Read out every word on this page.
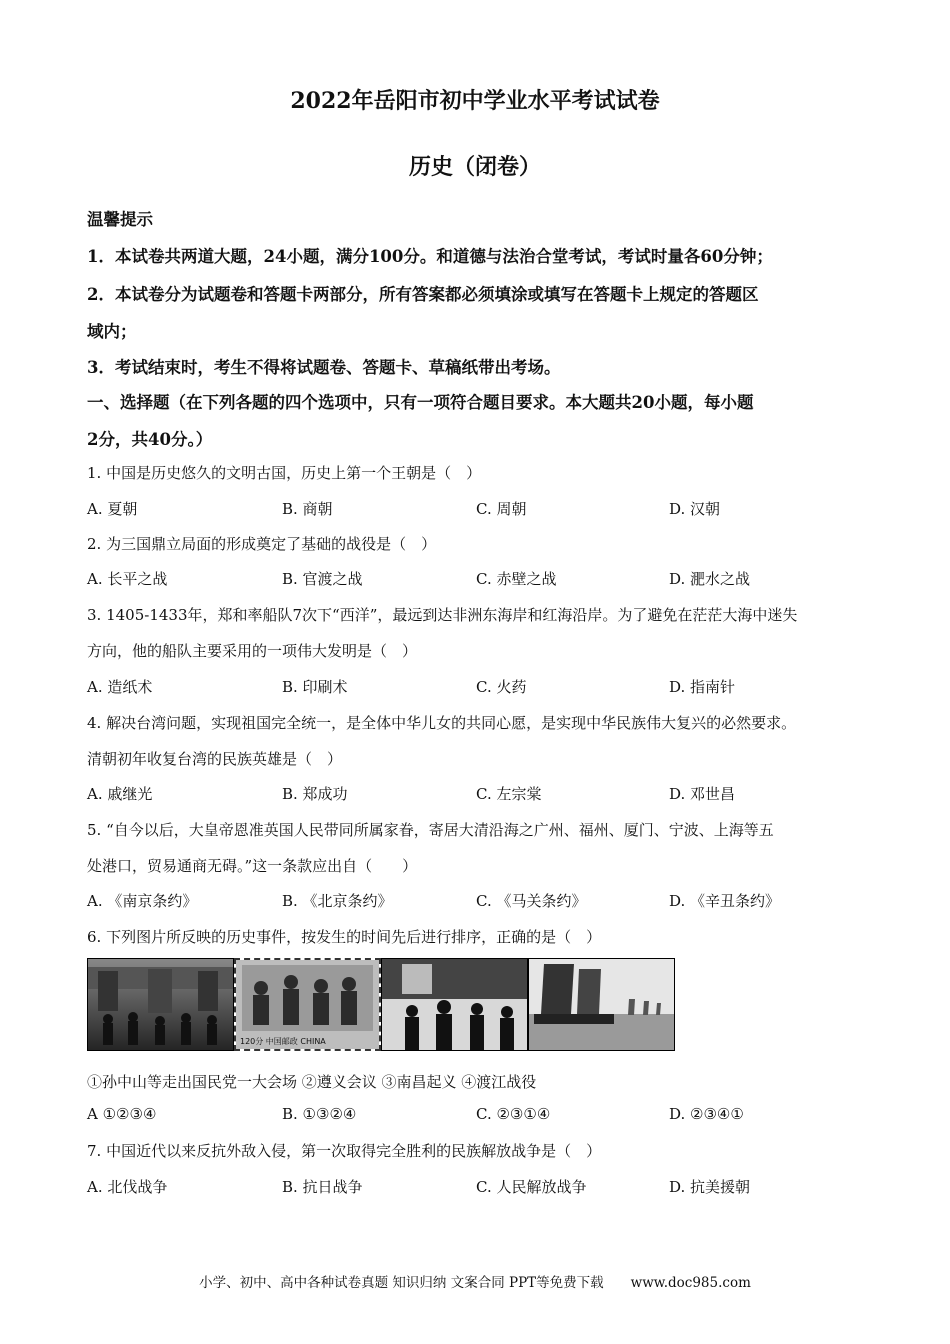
2022年岳阳市初中学业水平考试试卷
历史（闭卷）
温馨提示
1．本试卷共两道大题，24小题，满分100分。和道德与法治合堂考试，考试时量各60分钟；
2．本试卷分为试题卷和答题卡两部分，所有答案都必须填涂或填写在答题卡上规定的答题区
域内；
3．考试结束时，考生不得将试题卷、答题卡、草稿纸带出考场。
一、选择题（在下列各题的四个选项中，只有一项符合题目要求。本大题共20小题，每小题
2分，共40分。）
1. 中国是历史悠久的文明古国，历史上第一个王朝是（　）
A. 夏朝	B. 商朝	C. 周朝	D. 汉朝
2. 为三国鼎立局面的形成奠定了基础的战役是（　）
A. 长平之战	B. 官渡之战	C. 赤壁之战	D. 淝水之战
3. 1405-1433年，郑和率船队7次下“西洋”，最远到达非洲东海岸和红海沿岸。为了避免在茫茫大海中迷失
方向，他的船队主要采用的一项伟大发明是（　）
A. 造纸术	B. 印刷术	C. 火药	D. 指南针
4. 解决台湾问题，实现祖国完全统一，是全体中华儿女的共同心愿，是实现中华民族伟大复兴的必然要求。
清朝初年收复台湾的民族英雄是（　）
A. 戚继光	B. 郑成功	C. 左宗棠	D. 邓世昌
5. “自今以后，大皇帝恩准英国人民带同所属家眷，寄居大清沿海之广州、福州、厦门、宁波、上海等五
处港口，贸易通商无碍。”这一条款应出自（　　）
A. 《南京条约》	B. 《北京条约》	C. 《马关条约》	D. 《辛丑条约》
6. 下列图片所反映的历史事件，按发生的时间先后进行排序，正确的是（　）
120分 中国邮政 CHINA
①孙中山等走出国民党一大会场 ②遵义会议 ③南昌起义 ④渡江战役
A ①②③④	B. ①③②④	C. ②③①④	D. ②③④①
7. 中国近代以来反抗外敌入侵，第一次取得完全胜利的民族解放战争是（　）
A. 北伐战争	B. 抗日战争	C. 人民解放战争	D. 抗美援朝
小学、初中、高中各种试卷真题 知识归纳 文案合同 PPT等免费下载　　www.doc985.com
